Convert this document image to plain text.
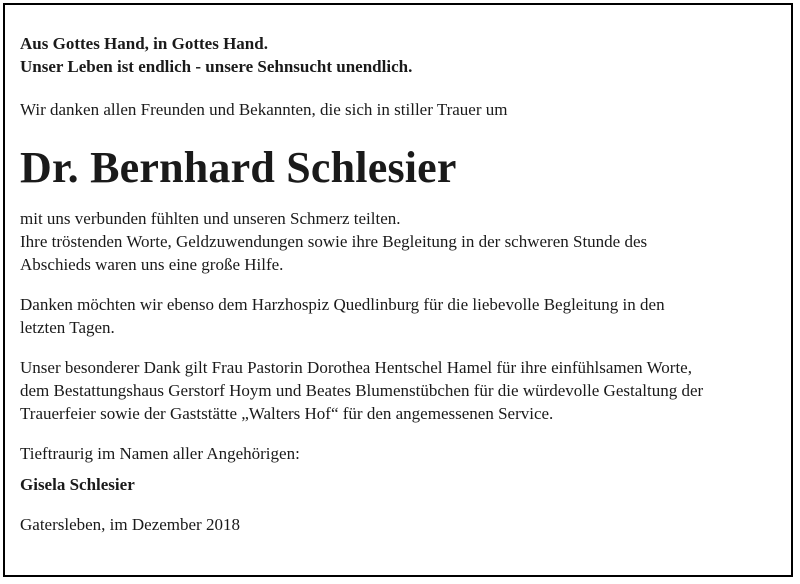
Aus Gottes Hand, in Gottes Hand.
Unser Leben ist endlich - unsere Sehnsucht unendlich.
Wir danken allen Freunden und Bekannten, die sich in stiller Trauer um
Dr. Bernhard Schlesier
mit uns verbunden fühlten und unseren Schmerz teilten.
Ihre tröstenden Worte, Geldzuwendungen sowie ihre Begleitung in der schweren Stunde des
Abschieds waren uns eine große Hilfe.
Danken möchten wir ebenso dem Harzhospiz Quedlinburg für die liebevolle Begleitung in den
letzten Tagen.
Unser besonderer Dank gilt Frau Pastorin Dorothea Hentschel Hamel für ihre einfühlsamen Worte,
dem Bestattungshaus Gerstorf Hoym und Beates Blumenstübchen für die würdevolle Gestaltung der
Trauerfeier sowie der Gaststätte „Walters Hof“ für den angemessenen Service.
Tieftraurig im Namen aller Angehörigen:
Gisela Schlesier
Gatersleben, im Dezember 2018
